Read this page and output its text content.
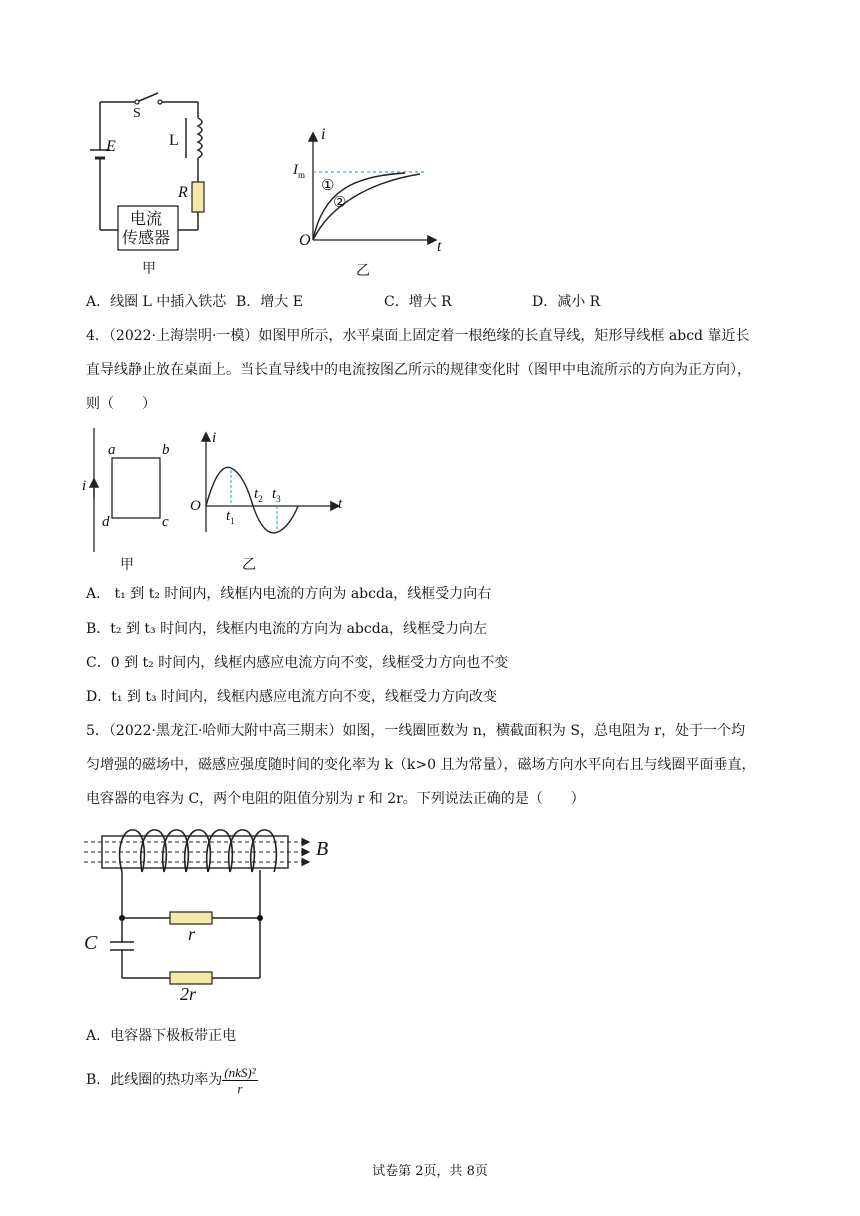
S
E	L
R
电流
传感器
甲
i
$I_m$
①
②
O	t
乙
A．线圈 L 中插入铁芯 B．增大 E	C．增大 R	D．减小 R
4．（2022·上海崇明·一模）如图甲所示，水平桌面上固定着一根绝缘的长直导线，矩形导线框 abcd 靠近长
直导线静止放在桌面上。当长直导线中的电流按图乙所示的规律变化时（图甲中电流所示的方向为正方向），
则（　　）
i
a	b
c
d
甲
i
O	t
$t_1$
$t_2$ $t_3$
乙
A． t₁ 到 t₂ 时间内，线框内电流的方向为 abcda，线框受力向右
B．t₂ 到 t₃ 时间内，线框内电流的方向为 abcda，线框受力向左
C．0 到 t₂ 时间内，线框内感应电流方向不变，线框受力方向也不变
D．t₁ 到 t₃ 时间内，线框内感应电流方向不变，线框受力方向改变
5．（2022·黑龙江·哈师大附中高三期末）如图，一线圈匝数为 n，横截面积为 S，总电阻为 r，处于一个均
匀增强的磁场中，磁感应强度随时间的变化率为 k（k>0 且为常量），磁场方向水平向右且与线圈平面垂直，
电容器的电容为 C，两个电阻的阻值分别为 r 和 2r。下列说法正确的是（　　）
B
C	r
2r
A．电容器下极板带正电
B．此线圈的热功率为 $\frac{\text{(nkS)²}}{r}$
试卷第 2页，共 8页
